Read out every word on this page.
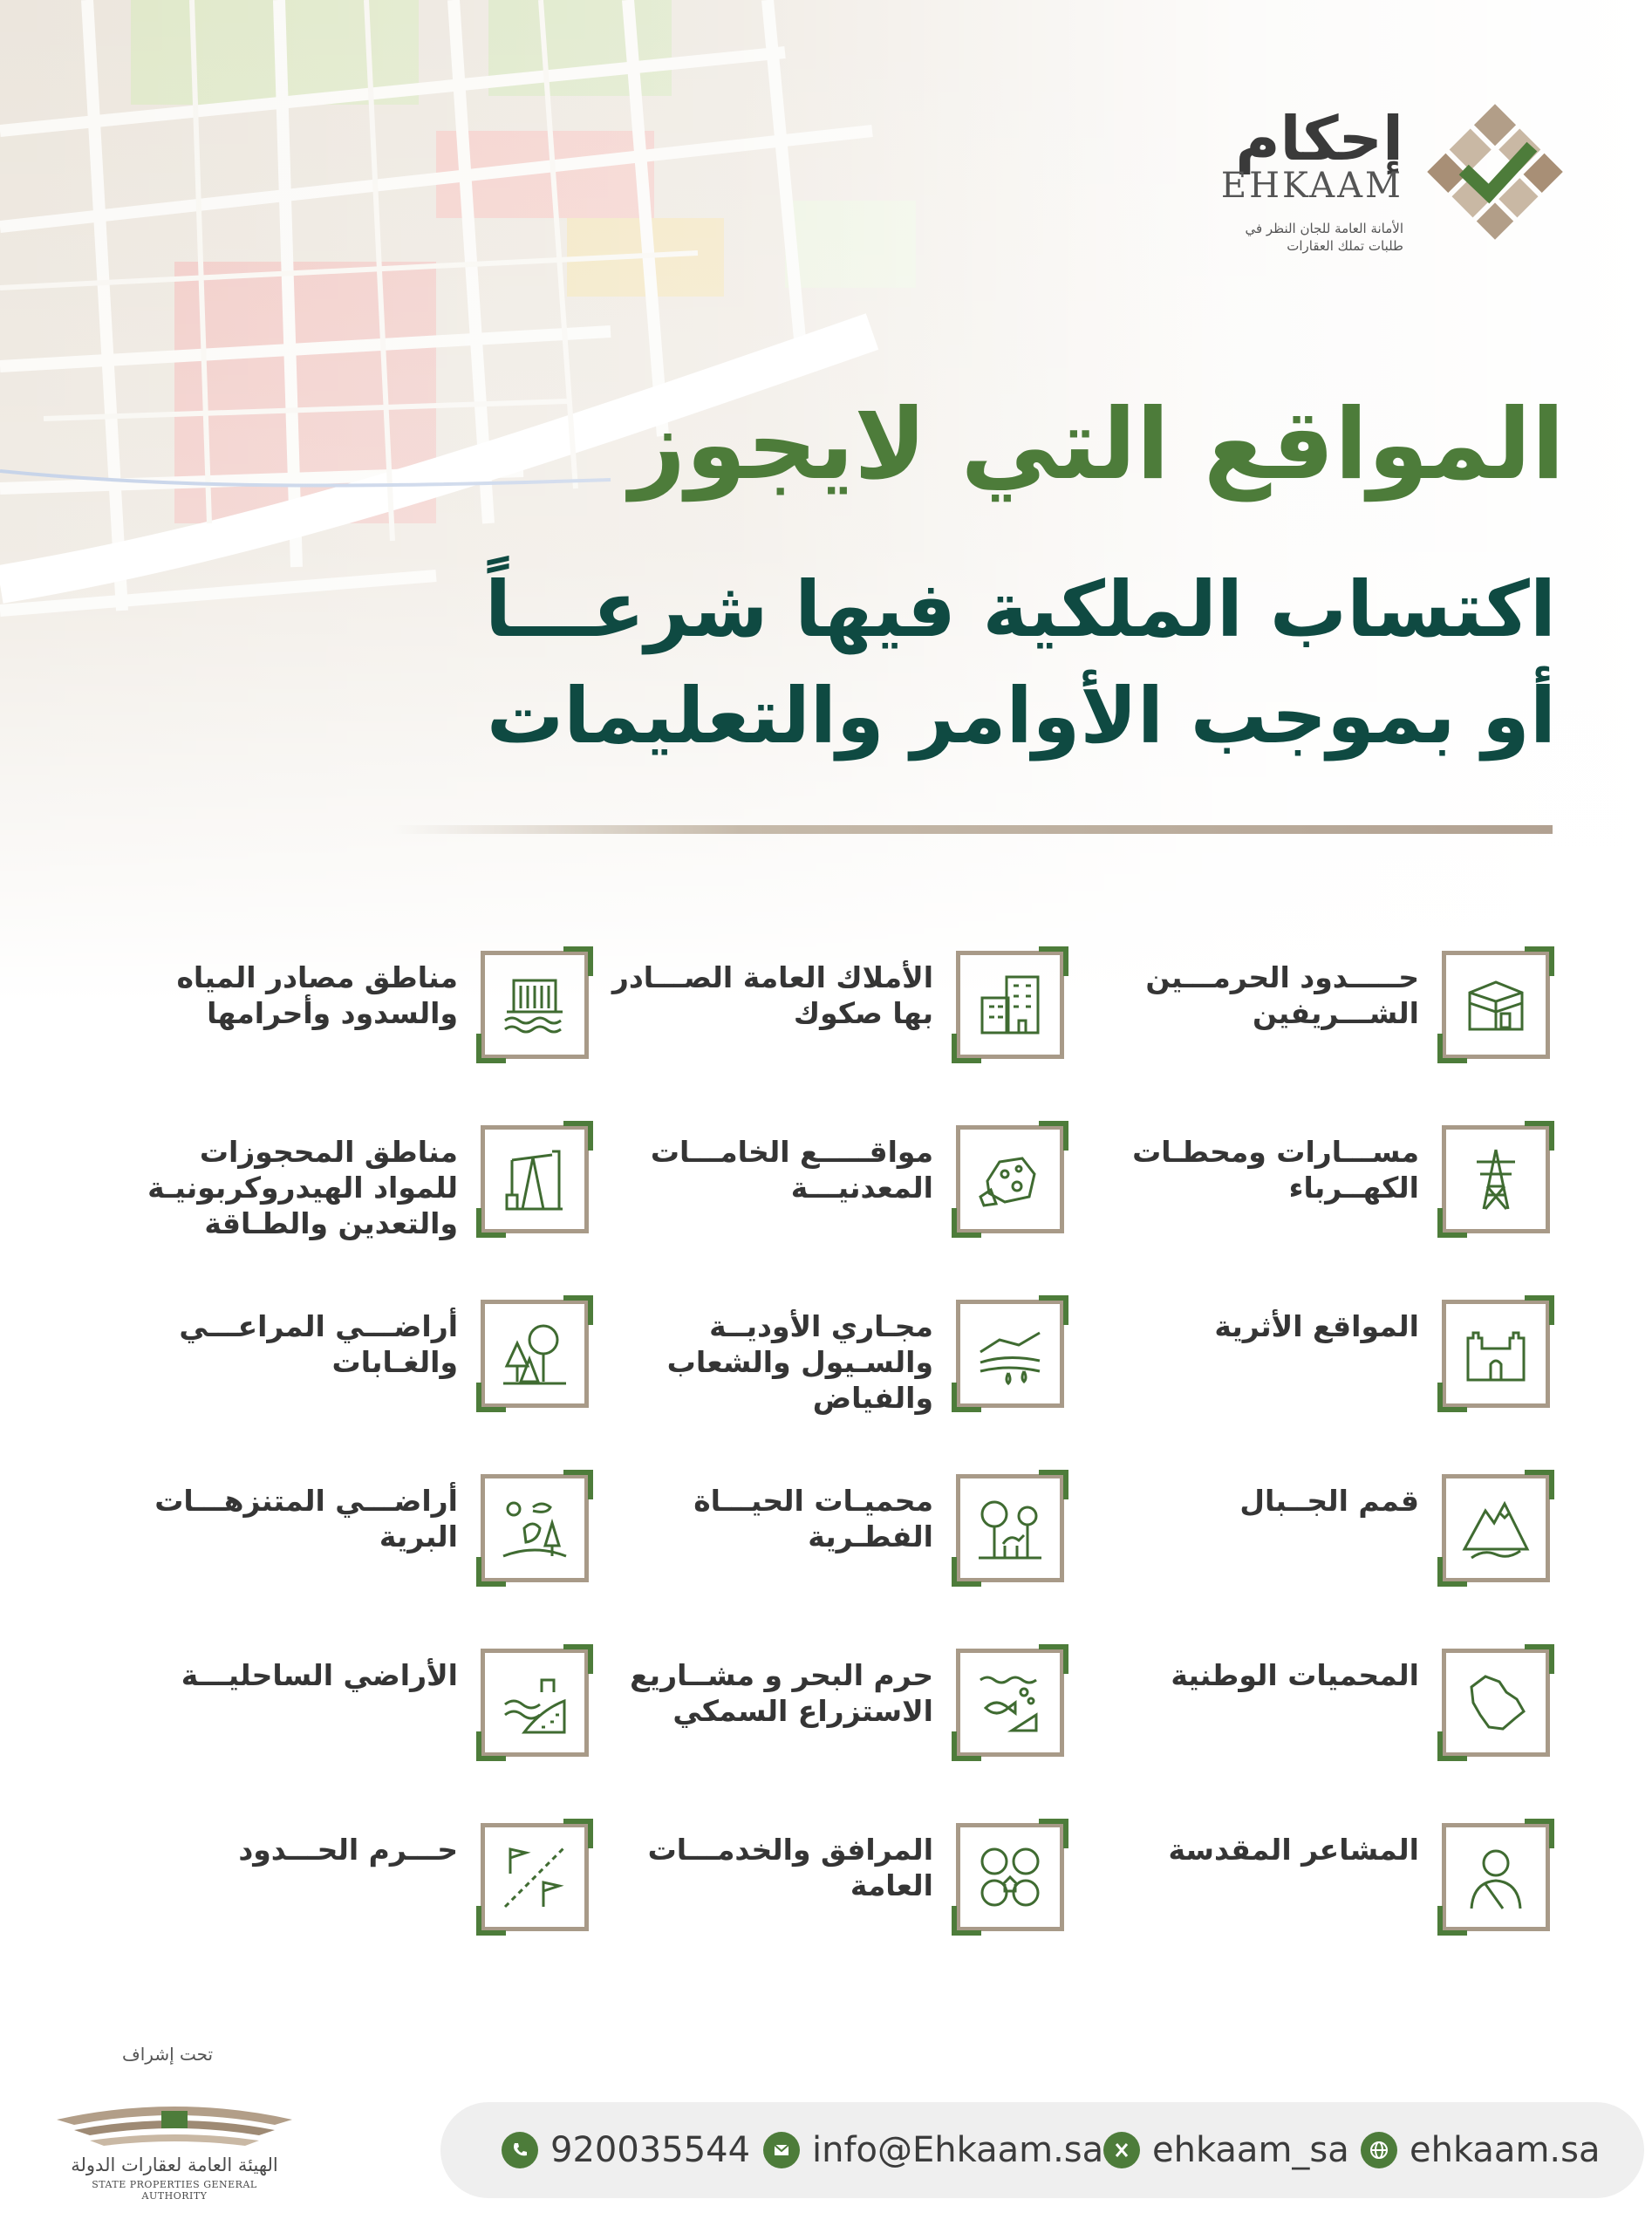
إحكام
EHKAAM
الأمانة العامة للجان النظر في طلبات تملك العقارات
المواقع التي لايجوز
اكتساب الملكية فيها شرعـــاً
أو بموجب الأوامر والتعليمات
حـــــدود الحرمـــين الشـــريفين
الأملاك العامة الصـــادر بها صكوك
مناطق مصادر المياه والسدود وأحرامها
مســـارات ومحطـات الكهــرباء
مواقـــــع الخامـــات المعدنيـــة
مناطق المحجوزات للمواد الهيدروكربونيـة والتعدين والطـاقة
المواقع الأثرية
مجـاري الأوديــة والسـيول والشعاب والفياض
أراضـــي المراعـــي والغـابات
قمم الجــبال
محميـات الحيـــاة الفطـرية
أراضـــي المتنزهـــات البرية
المحميات الوطنية
حرم البحر و مشــاريع الاستزراع السمكي
الأراضي الساحليـــة
المشاعر المقدسة
المرافق والخدمـــات العامة
حـــرم الحـــدود
تحت إشراف
الهيئة العامة لعقارات الدولة
STATE PROPERTIES GENERAL AUTHORITY
920035544 info@Ehkaam.sa ehkaam_sa ehkaam.sa
